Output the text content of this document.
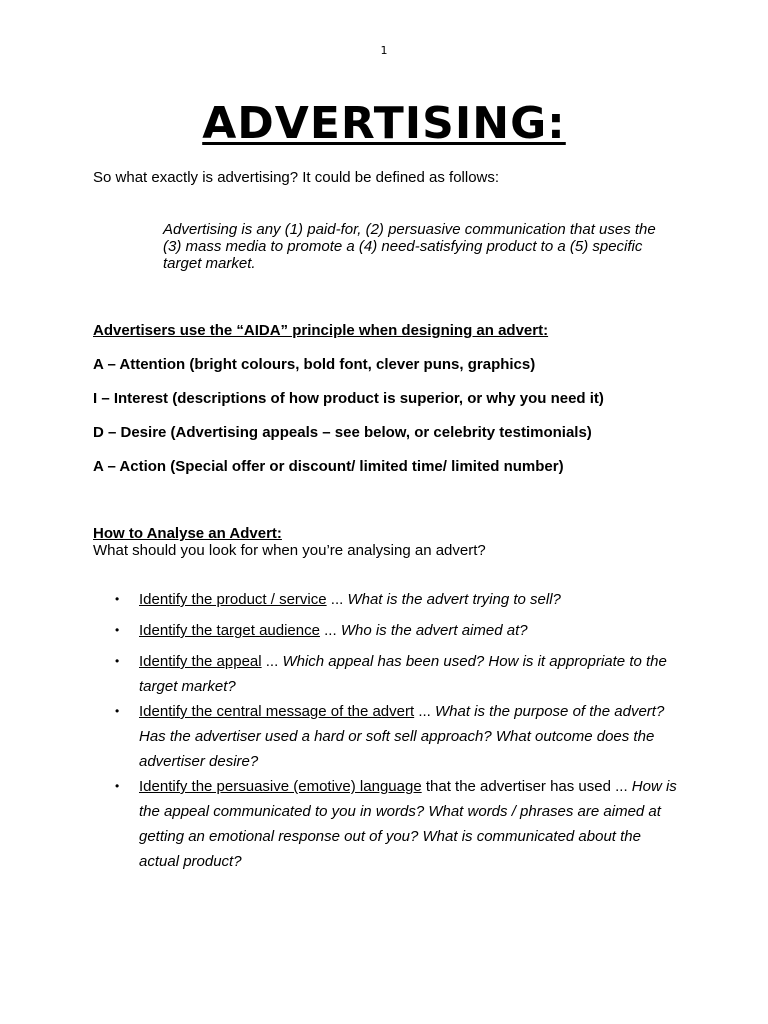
1
ADVERTISING:
So what exactly is advertising? It could be defined as follows:
Advertising is any (1) paid-for, (2) persuasive communication that uses the (3) mass media to promote a (4) need-satisfying product to a (5) specific target market.
Advertisers use the “AIDA” principle when designing an advert:
A – Attention (bright colours, bold font, clever puns, graphics)
I – Interest (descriptions of how product is superior, or why you need it)
D – Desire (Advertising appeals – see below, or celebrity testimonials)
A – Action (Special offer or discount/ limited time/ limited number)
How to Analyse an Advert:
What should you look for when you’re analysing an advert?
• Identify the product / service ... What is the advert trying to sell?
• Identify the target audience ... Who is the advert aimed at?
• Identify the appeal ... Which appeal has been used? How is it appropriate to the target market?
• Identify the central message of the advert ... What is the purpose of the advert? Has the advertiser used a hard or soft sell approach? What outcome does the advertiser desire?
• Identify the persuasive (emotive) language that the advertiser has used ... How is the appeal communicated to you in words? What words / phrases are aimed at getting an emotional response out of you? What is communicated about the actual product?
